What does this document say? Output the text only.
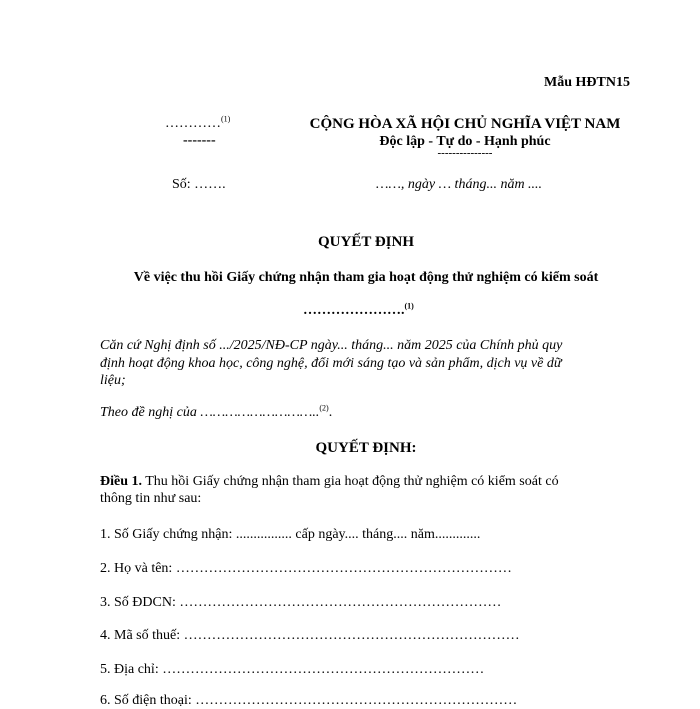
Mẫu HĐTN15
…………$^{(1)}$
-------
Số: …….
CỘNG HÒA XÃ HỘI CHỦ NGHĨA VIỆT NAM
Độc lập - Tự do - Hạnh phúc
---------------
……, ngày … tháng... năm ....
QUYẾT ĐỊNH
Về việc thu hồi Giấy chứng nhận tham gia hoạt động thử nghiệm có kiểm soát
………………….$^{(1)}$
Căn cứ Nghị định số .../2025/NĐ-CP ngày... tháng... năm 2025 của Chính phủ quy
định hoạt động khoa học, công nghệ, đổi mới sáng tạo và sản phẩm, dịch vụ về dữ
liệu;
Theo đề nghị của ………………………..$^{(2)}$.
QUYẾT ĐỊNH:
Điều 1. Thu hồi Giấy chứng nhận tham gia hoạt động thử nghiệm có kiểm soát có
thông tin như sau:
1. Số Giấy chứng nhận: ................ cấp ngày.... tháng.... năm.............
2. Họ và tên: ………………………………………………………………
3. Số ĐDCN: ……………………………………………………………
4. Mã số thuế: ………………………………………………………………
5. Địa chỉ: ……………………………………………………………
6. Số điện thoại: ……………………………………………………………
